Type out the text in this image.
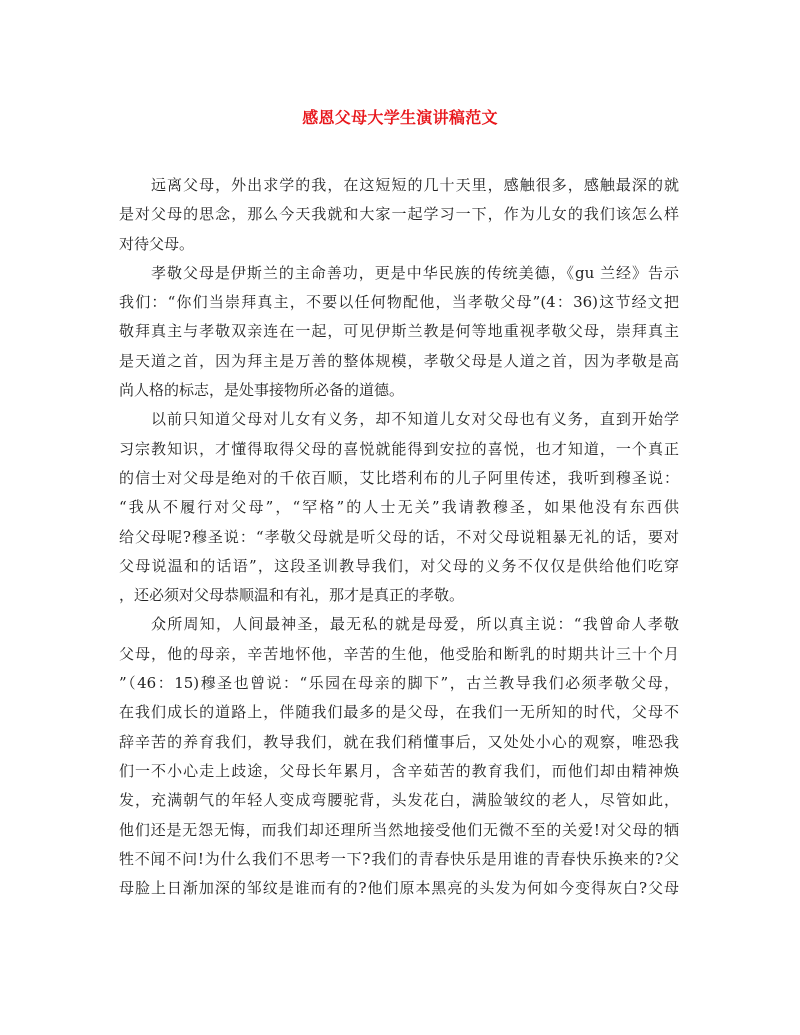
感恩父母大学生演讲稿范文
远离父母，外出求学的我，在这短短的几十天里，感触很多，感触最深的就
是对父母的思念，那么今天我就和大家一起学习一下，作为儿女的我们该怎么样
对待父母。
孝敬父母是伊斯兰的主命善功，更是中华民族的传统美德，《gu 兰经》告示
我们：“你们当崇拜真主，不要以任何物配他，当孝敬父母”(4：36)这节经文把
敬拜真主与孝敬双亲连在一起，可见伊斯兰教是何等地重视孝敬父母，崇拜真主
是天道之首，因为拜主是万善的整体规模，孝敬父母是人道之首，因为孝敬是高
尚人格的标志，是处事接物所必备的道德。
以前只知道父母对儿女有义务，却不知道儿女对父母也有义务，直到开始学
习宗教知识，才懂得取得父母的喜悦就能得到安拉的喜悦，也才知道，一个真正
的信士对父母是绝对的千依百顺，艾比塔利布的儿子阿里传述，我听到穆圣说：
“我从不履行对父母”，“罕格”的人士无关”我请教穆圣，如果他没有东西供
给父母呢?穆圣说：“孝敬父母就是听父母的话，不对父母说粗暴无礼的话，要对
父母说温和的话语”，这段圣训教导我们，对父母的义务不仅仅是供给他们吃穿
，还必须对父母恭顺温和有礼，那才是真正的孝敬。
众所周知，人间最神圣，最无私的就是母爱，所以真主说：“我曾命人孝敬
父母，他的母亲，辛苦地怀他，辛苦的生他，他受胎和断乳的时期共计三十个月
”（46：15)穆圣也曾说：“乐园在母亲的脚下”，古兰教导我们必须孝敬父母，
在我们成长的道路上，伴随我们最多的是父母，在我们一无所知的时代，父母不
辞辛苦的养育我们，教导我们，就在我们稍懂事后，又处处小心的观察，唯恐我
们一不小心走上歧途，父母长年累月，含辛茹苦的教育我们，而他们却由精神焕
发，充满朝气的年轻人变成弯腰驼背，头发花白，满脸皱纹的老人，尽管如此，
他们还是无怨无悔，而我们却还理所当然地接受他们无微不至的关爱!对父母的牺
牲不闻不问!为什么我们不思考一下?我们的青春快乐是用谁的青春快乐换来的?父
母脸上日渐加深的邹纹是谁而有的?他们原本黑亮的头发为何如今变得灰白?父母
